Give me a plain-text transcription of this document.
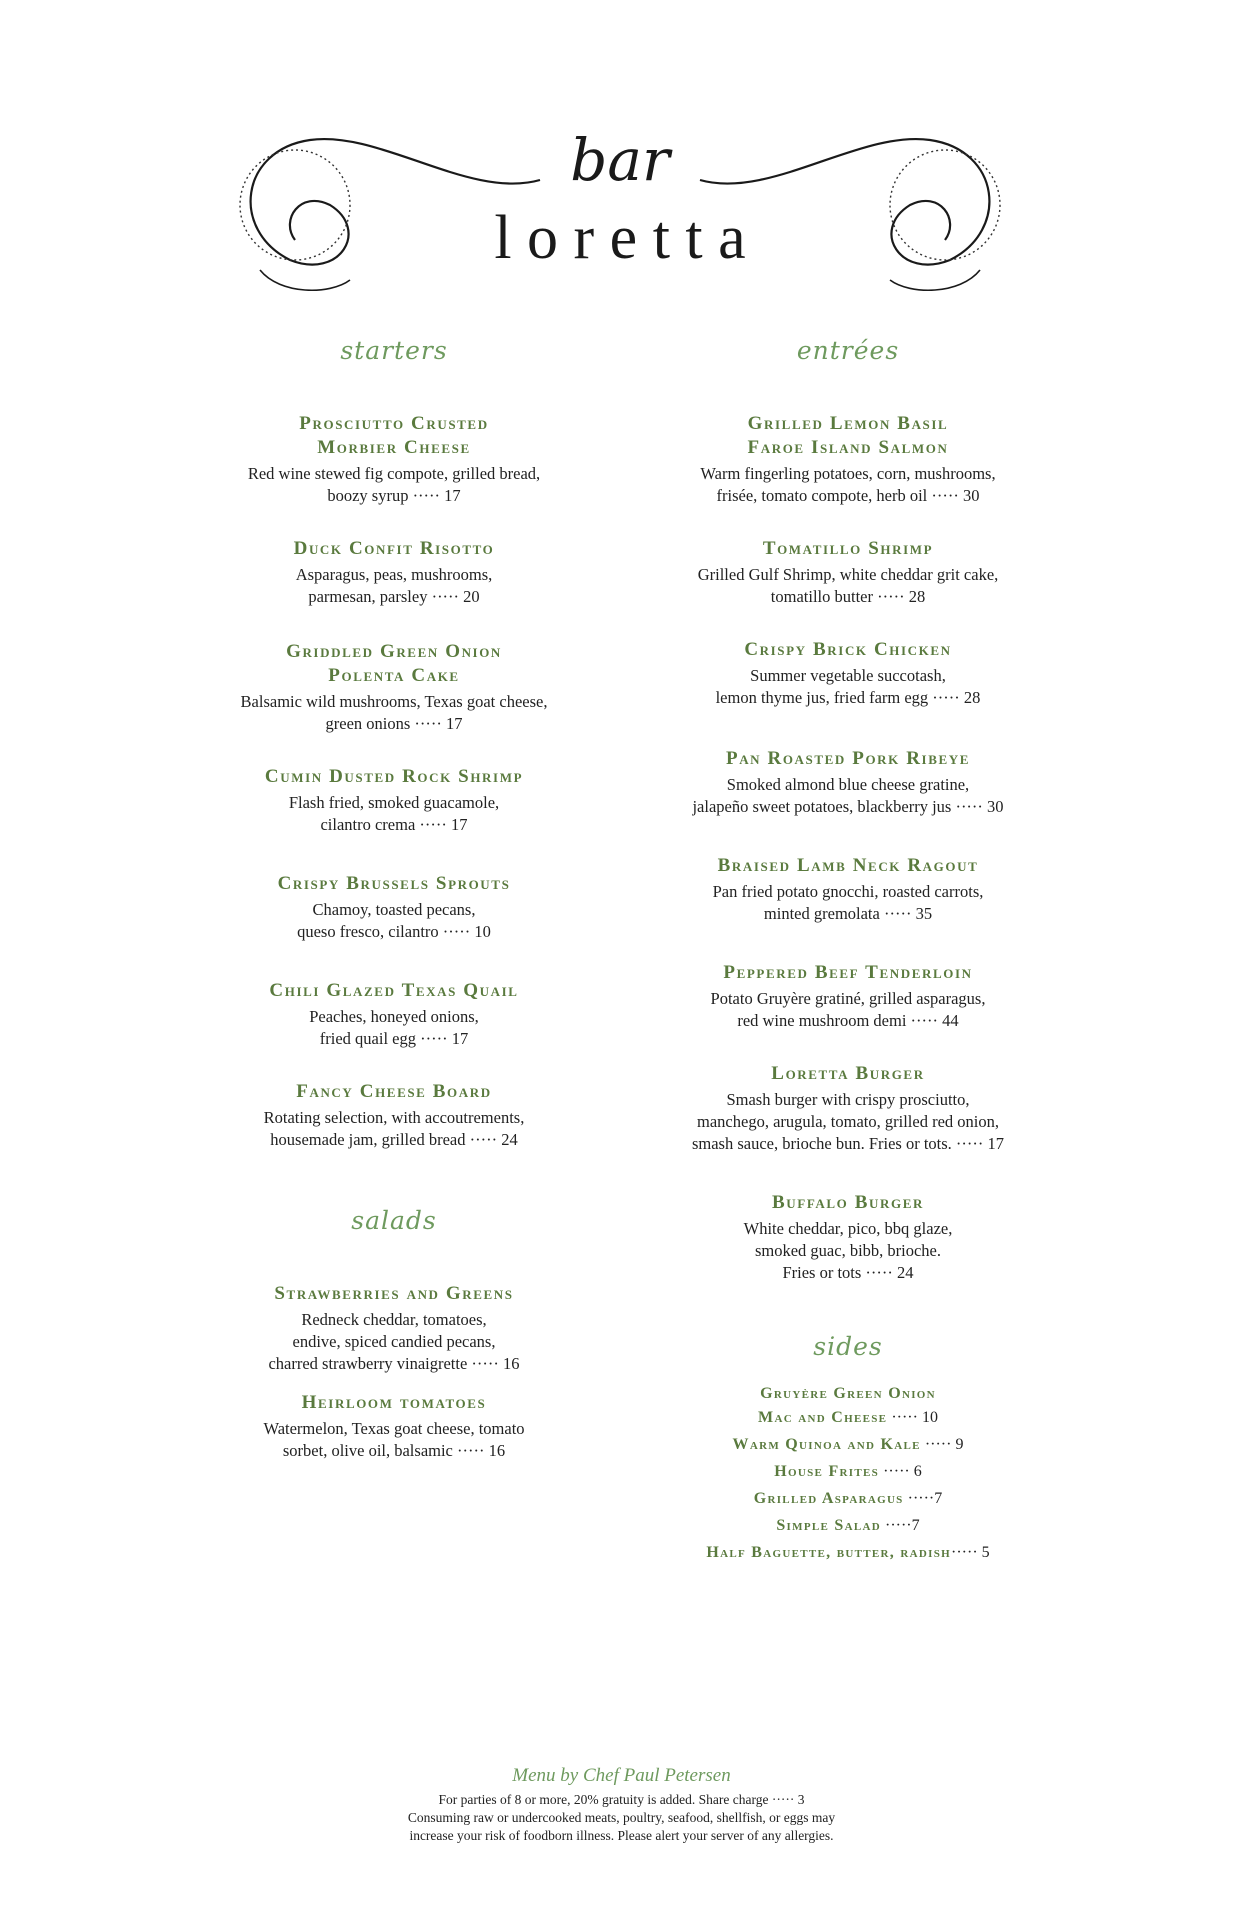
bar
l o r e t t a
starters
Prosciutto Crusted
Morbier Cheese
Red wine stewed fig compote, grilled bread,
boozy syrup ····· 17
Duck Confit Risotto
Asparagus, peas, mushrooms,
parmesan, parsley ····· 20
Griddled Green Onion
Polenta Cake
Balsamic wild mushrooms, Texas goat cheese,
green onions ····· 17
Cumin Dusted Rock Shrimp
Flash fried, smoked guacamole,
cilantro crema ····· 17
Crispy Brussels Sprouts
Chamoy, toasted pecans,
queso fresco, cilantro ····· 10
Chili Glazed Texas Quail
Peaches, honeyed onions,
fried quail egg ····· 17
Fancy Cheese Board
Rotating selection, with accoutrements,
housemade jam, grilled bread ····· 24
salads
Strawberries and Greens
Redneck cheddar, tomatoes,
endive, spiced candied pecans,
charred strawberry vinaigrette ····· 16
Heirloom tomatoes
Watermelon, Texas goat cheese, tomato
sorbet, olive oil, balsamic ····· 16
entrées
Grilled Lemon Basil
Faroe Island Salmon
Warm fingerling potatoes, corn, mushrooms,
frisée, tomato compote, herb oil ····· 30
Tomatillo Shrimp
Grilled Gulf Shrimp, white cheddar grit cake,
tomatillo butter ····· 28
Crispy Brick Chicken
Summer vegetable succotash,
lemon thyme jus, fried farm egg ····· 28
Pan Roasted Pork Ribeye
Smoked almond blue cheese gratine,
jalapeño sweet potatoes, blackberry jus ····· 30
Braised Lamb Neck Ragout
Pan fried potato gnocchi, roasted carrots,
minted gremolata ····· 35
Peppered Beef Tenderloin
Potato Gruyère gratiné, grilled asparagus,
red wine mushroom demi ····· 44
Loretta Burger
Smash burger with crispy prosciutto,
manchego, arugula, tomato, grilled red onion,
smash sauce, brioche bun. Fries or tots. ····· 17
Buffalo Burger
White cheddar, pico, bbq glaze,
smoked guac, bibb, brioche.
Fries or tots ····· 24
sides
Gruyère Green Onion
Mac and Cheese ····· 10
Warm Quinoa and Kale ····· 9
House Frites ····· 6
Grilled Asparagus ·····7
Simple Salad ·····7
Half Baguette, butter, radish····· 5
Menu by Chef Paul Petersen
For parties of 8 or more, 20% gratuity is added. Share charge ····· 3
Consuming raw or undercooked meats, poultry, seafood, shellfish, or eggs may
increase your risk of foodborn illness. Please alert your server of any allergies.
